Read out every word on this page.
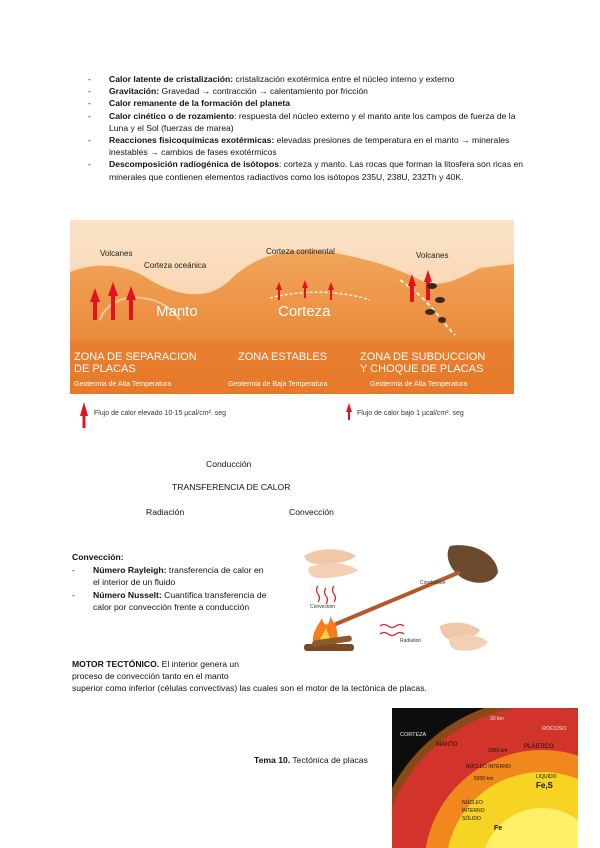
- Calor latente de cristalización: cristalización exotérmica entre el núcleo interno y externo

- Gravitación: Gravedad → contracción → calentamiento por fricción

- Calor remanente de la formación del planeta

- Calor cinético o de rozamiento: respuesta del núcleo externo y el manto ante los campos de fuerza de la Luna y el Sol (fuerzas de marea)

- Reacciones fisicoquímicas exotérmicas: elevadas presiones de temperatura en el manto → minerales inestables → cambios de fases exotérmicos

- Descomposición radiogénica de isótopos: corteza y manto. Las rocas que forman la litosfera son ricas en minerales que contienen elementos radiactivos como los isótopos 235U, 238U, 232Th y 40K.

Volcanes
Corteza oceánica
Corteza continental	Volcanes
Manto	Corteza
ZONA DE SEPARACION
DE PLACAS
Geotermia de Alta Temperatura
ZONA ESTABLES
Geotermia de Baja Temperatura
ZONA DE SUBDUCCION
Y CHOQUE DE PLACAS
Geotermia de Alta Temperatura
Flujo de calor elevado 10-15 µcal/cm². seg	Flujo de calor bajo 1 µcal/cm². seg
Conducción
TRANSFERENCIA DE CALOR
Radiación	Convección
Convección:

- Número Rayleigh: transferencia de calor en el interior de un fluido

- Número Nusselt: Cuantifica transferencia de calor por convección frente a conducción

Conduction
Convection
Radiation
MOTOR TECTÓNICO. El interior genera un
proceso de convección tanto en el manto
superior como inferior (células convectivas) las cuales son el motor de la tectónica de placas.
Tema 10. Tectónica de placas
CORTEZA
ROCOSO
MANTO	PLÁSTICO
NÚCLEO INTERNO
5200 km	LÍQUIDO
Fe,S
NÚCLEO
INTERNO
SÓLIDO
Fe
2900 km
30 km
